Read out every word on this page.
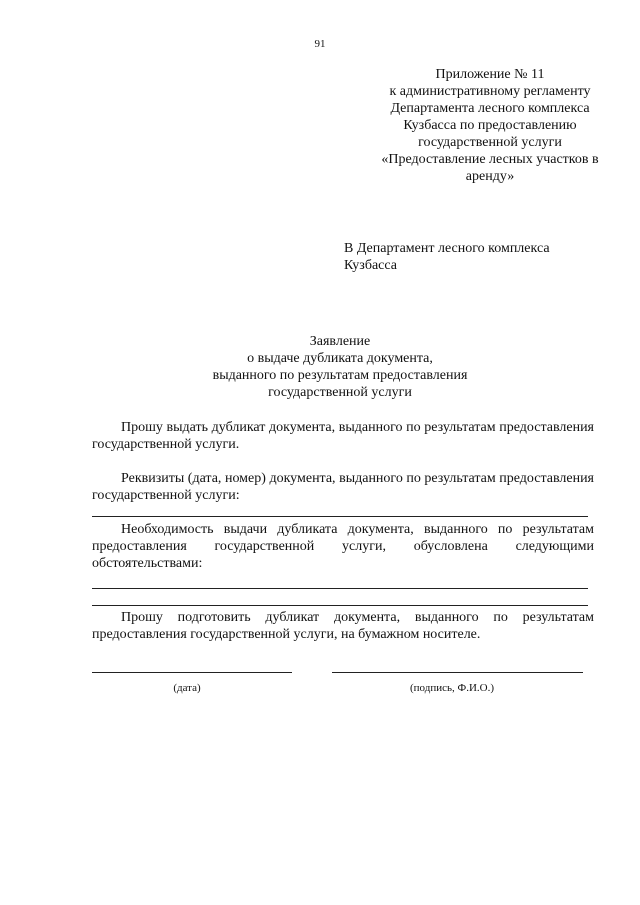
91
Приложение № 11
к административному регламенту
Департамента лесного комплекса
Кузбасса по предоставлению
государственной услуги
«Предоставление лесных участков в
аренду»
В Департамент лесного комплекса
Кузбасса
Заявление
о выдаче дубликата документа,
выданного по результатам предоставления
государственной услуги

Прошу выдать дубликат документа, выданного по результатам предоставления государственной услуги.

Реквизиты (дата, номер) документа, выданного по результатам предоставления государственной услуги:

Необходимость выдачи дубликата документа, выданного по результатам предоставления государственной услуги, обусловлена следующими обстоятельствами:

Прошу подготовить дубликат документа, выданного по результатам предоставления государственной услуги, на бумажном носителе.

(дата)	(подпись, Ф.И.О.)
